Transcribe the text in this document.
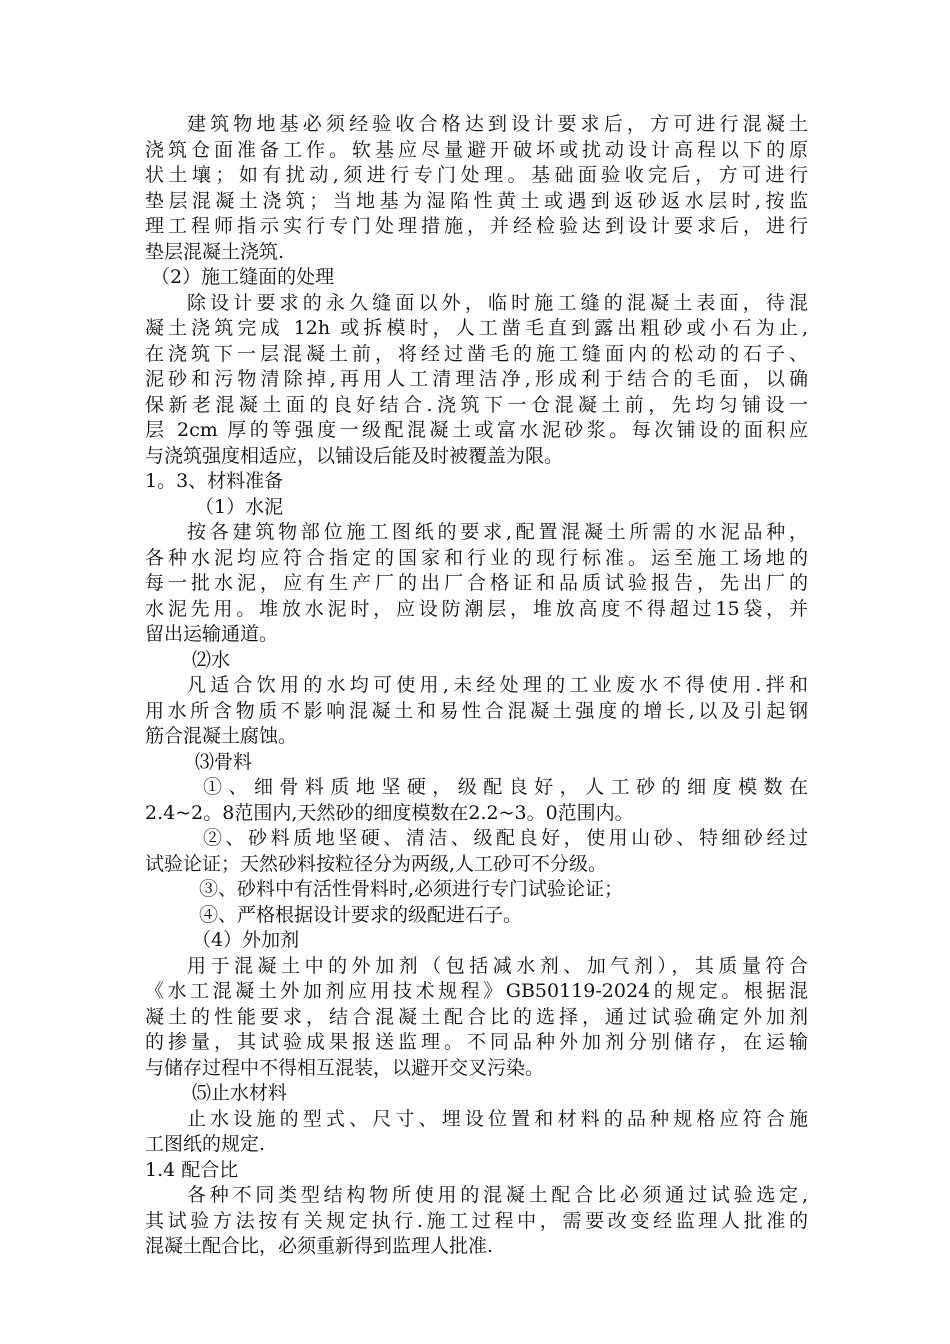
建筑物地基必须经验收合格达到设计要求后，方可进行混凝土
浇筑仓面准备工作。软基应尽量避开破坏或扰动设计高程以下的原
状土壤；如有扰动,须进行专门处理。基础面验收完后，方可进行
垫层混凝土浇筑；当地基为湿陷性黄土或遇到返砂返水层时,按监
理工程师指示实行专门处理措施，并经检验达到设计要求后，进行
垫层混凝土浇筑.
（2）施工缝面的处理
除设计要求的永久缝面以外，临时施工缝的混凝土表面，待混
凝土浇筑完成 12h 或拆模时，人工凿毛直到露出粗砂或小石为止,
在浇筑下一层混凝土前，将经过凿毛的施工缝面内的松动的石子、
泥砂和污物清除掉,再用人工清理洁净,形成利于结合的毛面，以确
保新老混凝土面的良好结合.浇筑下一仓混凝土前，先均匀铺设一
层 2cm 厚的等强度一级配混凝土或富水泥砂浆。每次铺设的面积应
与浇筑强度相适应，以铺设后能及时被覆盖为限。
1。3、材料准备
（1）水泥
按各建筑物部位施工图纸的要求,配置混凝土所需的水泥品种，
各种水泥均应符合指定的国家和行业的现行标准。运至施工场地的
每一批水泥，应有生产厂的出厂合格证和品质试验报告，先出厂的
水泥先用。堆放水泥时，应设防潮层，堆放高度不得超过15袋，并
留出运输通道。
⑵水
凡适合饮用的水均可使用,未经处理的工业废水不得使用.拌和
用水所含物质不影响混凝土和易性合混凝土强度的增长,以及引起钢
筋合混凝土腐蚀。
⑶骨料
①、细骨料质地坚硬，级配良好，人工砂的细度模数在
2.4~2。8范围内,天然砂的细度模数在2.2~3。0范围内。
②、砂料质地坚硬、清洁、级配良好，使用山砂、特细砂经过
试验论证；天然砂料按粒径分为两级,人工砂可不分级。
③、砂料中有活性骨料时,必须进行专门试验论证；
④、严格根据设计要求的级配进石子。
（4）外加剂
用于混凝土中的外加剂（包括减水剂、加气剂），其质量符合
《水工混凝土外加剂应用技术规程》GB50119-2024的规定。根据混
凝土的性能要求，结合混凝土配合比的选择，通过试验确定外加剂
的掺量，其试验成果报送监理。不同品种外加剂分别储存，在运输
与储存过程中不得相互混装，以避开交叉污染。
⑸止水材料
止水设施的型式、尺寸、埋设位置和材料的品种规格应符合施
工图纸的规定.
1.4 配合比
各种不同类型结构物所使用的混凝土配合比必须通过试验选定,
其试验方法按有关规定执行.施工过程中，需要改变经监理人批准的
混凝土配合比，必须重新得到监理人批准.
